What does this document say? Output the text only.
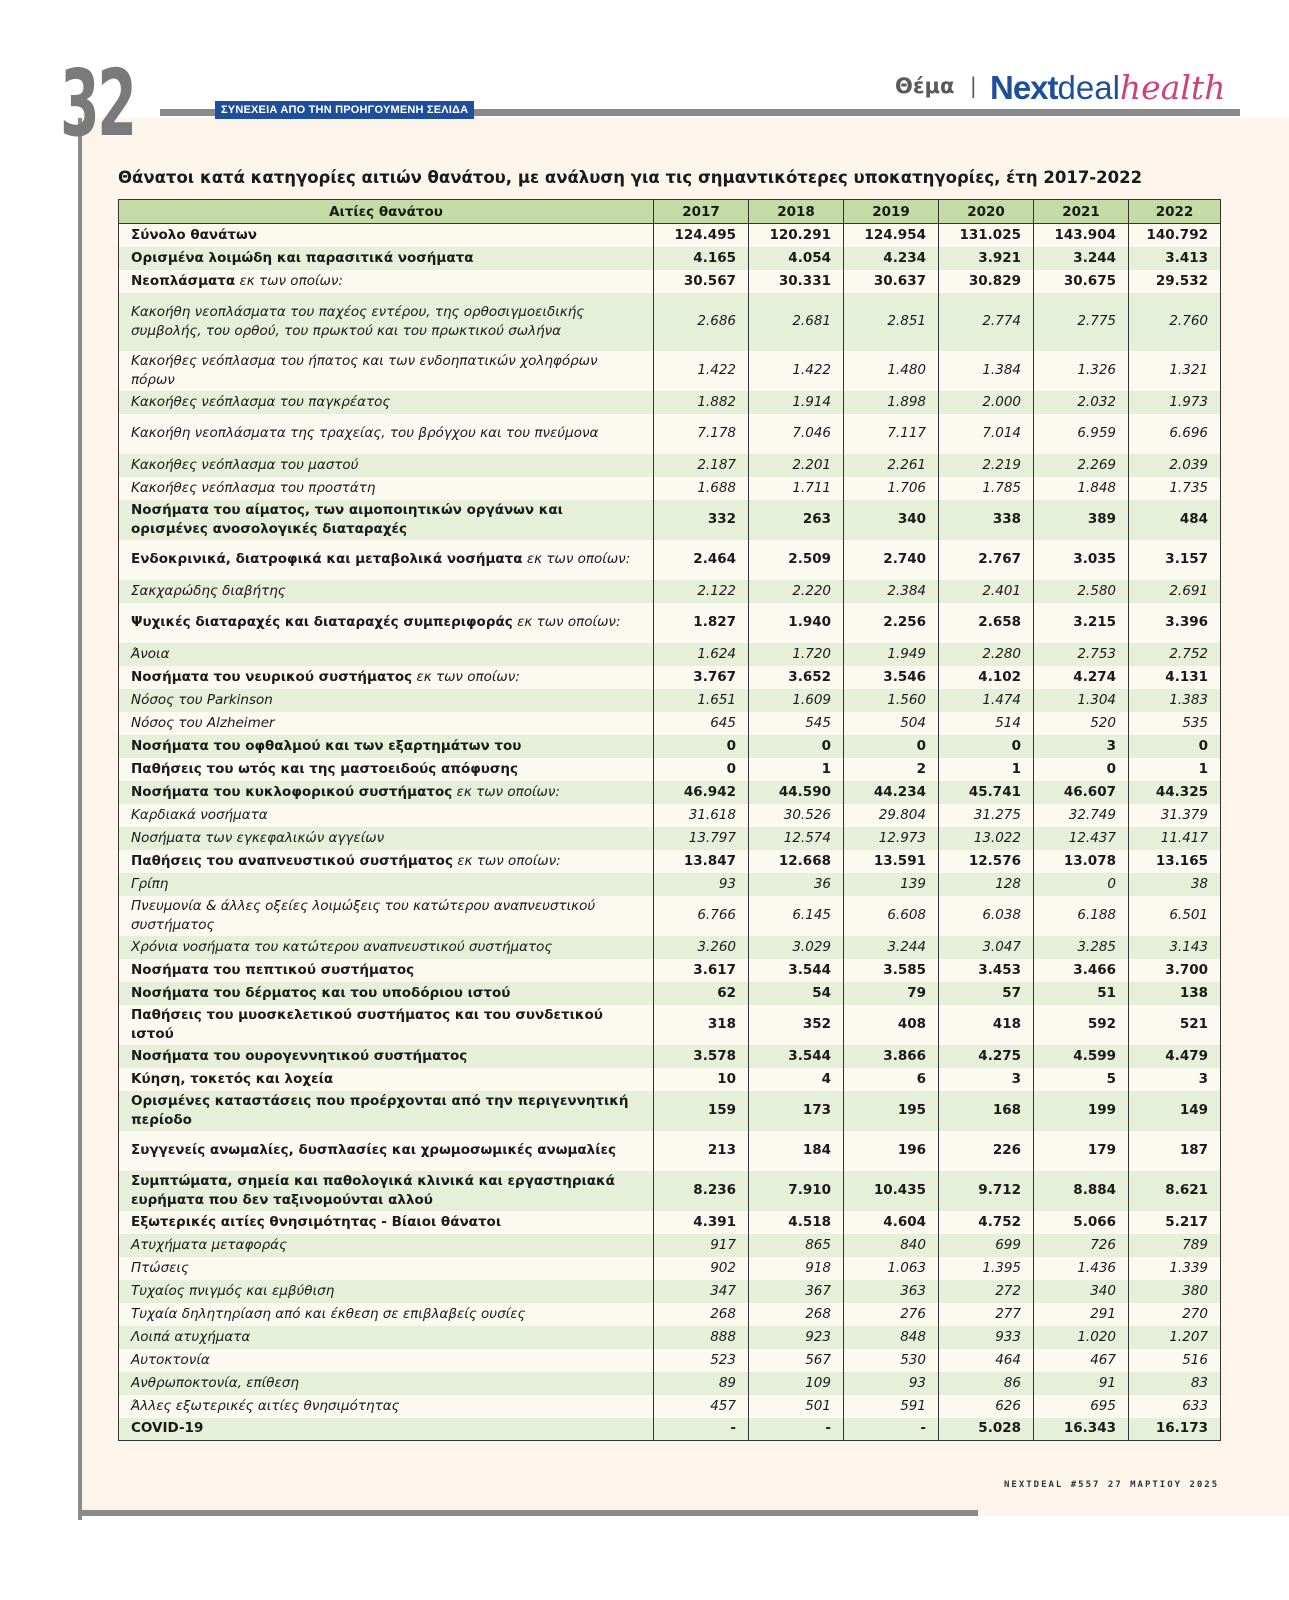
32	ΣΥΝΕΧΕΙΑ ΑΠΟ ΤΗΝ ΠΡΟΗΓΟΥΜΕΝΗ ΣΕΛΙΔΑ
Θέμα | Nextdealhealth
Θάνατοι κατά κατηγορίες αιτιών θανάτου, με ανάλυση για τις σημαντικότερες υποκατηγορίες, έτη 2017-2022
Αιτίες θανάτου	2017	2018	2019	2020	2021	2022
Σύνολο θανάτων	124.495	120.291	124.954	131.025	143.904	140.792
Ορισμένα λοιμώδη και παρασιτικά νοσήματα	4.165	4.054	4.234	3.921	3.244	3.413
Νεοπλάσματα εκ των οποίων:	30.567	30.331	30.637	30.829	30.675	29.532
Κακοήθη νεοπλάσματα του παχέος εντέρου, της ορθοσιγμοειδικής συμβολής, του ορθού, του πρωκτού και του πρωκτικού σωλήνα	2.686	2.681	2.851	2.774	2.775	2.760
Κακοήθες νεόπλασμα του ήπατος και των ενδοηπατικών χοληφόρων πόρων	1.422	1.422	1.480	1.384	1.326	1.321
Κακοήθες νεόπλασμα του παγκρέατος	1.882	1.914	1.898	2.000	2.032	1.973
Κακοήθη νεοπλάσματα της τραχείας, του βρόγχου και του πνεύμονα	7.178	7.046	7.117	7.014	6.959	6.696
Κακοήθες νεόπλασμα του μαστού	2.187	2.201	2.261	2.219	2.269	2.039
Κακοήθες νεόπλασμα του προστάτη	1.688	1.711	1.706	1.785	1.848	1.735
Νοσήματα του αίματος, των αιμοποιητικών οργάνων και ορισμένες ανοσολογικές διαταραχές	332	263	340	338	389	484
Ενδοκρινικά, διατροφικά και μεταβολικά νοσήματα εκ των οποίων:	2.464	2.509	2.740	2.767	3.035	3.157
Σακχαρώδης διαβήτης	2.122	2.220	2.384	2.401	2.580	2.691
Ψυχικές διαταραχές και διαταραχές συμπεριφοράς εκ των οποίων:	1.827	1.940	2.256	2.658	3.215	3.396
Άνοια	1.624	1.720	1.949	2.280	2.753	2.752
Νοσήματα του νευρικού συστήματος εκ των οποίων:	3.767	3.652	3.546	4.102	4.274	4.131
Νόσος του Parkinson	1.651	1.609	1.560	1.474	1.304	1.383
Νόσος του Alzheimer	645	545	504	514	520	535
Νοσήματα του οφθαλμού και των εξαρτημάτων του	0	0	0	0	3	0
Παθήσεις του ωτός και της μαστοειδούς απόφυσης	0	1	2	1	0	1
Νοσήματα του κυκλοφορικού συστήματος εκ των οποίων:	46.942	44.590	44.234	45.741	46.607	44.325
Καρδιακά νοσήματα	31.618	30.526	29.804	31.275	32.749	31.379
Νοσήματα των εγκεφαλικών αγγείων	13.797	12.574	12.973	13.022	12.437	11.417
Παθήσεις του αναπνευστικού συστήματος εκ των οποίων:	13.847	12.668	13.591	12.576	13.078	13.165
Γρίπη	93	36	139	128	0	38
Πνευμονία & άλλες οξείες λοιμώξεις του κατώτερου αναπνευστικού συστήματος	6.766	6.145	6.608	6.038	6.188	6.501
Χρόνια νοσήματα του κατώτερου αναπνευστικού συστήματος	3.260	3.029	3.244	3.047	3.285	3.143
Νοσήματα του πεπτικού συστήματος	3.617	3.544	3.585	3.453	3.466	3.700
Νοσήματα του δέρματος και του υποδόριου ιστού	62	54	79	57	51	138
Παθήσεις του μυοσκελετικού συστήματος και του συνδετικού ιστού	318	352	408	418	592	521
Νοσήματα του ουρογεννητικού συστήματος	3.578	3.544	3.866	4.275	4.599	4.479
Κύηση, τοκετός και λοχεία	10	4	6	3	5	3
Ορισμένες καταστάσεις που προέρχονται από την περιγεννητική περίοδο	159	173	195	168	199	149
Συγγενείς ανωμαλίες, δυσπλασίες και χρωμοσωμικές ανωμαλίες	213	184	196	226	179	187
Συμπτώματα, σημεία και παθολογικά κλινικά και εργαστηριακά ευρήματα που δεν ταξινομούνται αλλού	8.236	7.910	10.435	9.712	8.884	8.621
Εξωτερικές αιτίες θνησιμότητας - Βίαιοι θάνατοι	4.391	4.518	4.604	4.752	5.066	5.217
Ατυχήματα μεταφοράς	917	865	840	699	726	789
Πτώσεις	902	918	1.063	1.395	1.436	1.339
Τυχαίος πνιγμός και εμβύθιση	347	367	363	272	340	380
Τυχαία δηλητηρίαση από και έκθεση σε επιβλαβείς ουσίες	268	268	276	277	291	270
Λοιπά ατυχήματα	888	923	848	933	1.020	1.207
Αυτοκτονία	523	567	530	464	467	516
Ανθρωποκτονία, επίθεση	89	109	93	86	91	83
Άλλες εξωτερικές αιτίες θνησιμότητας	457	501	591	626	695	633
COVID-19	-	-	-	5.028	16.343	16.173
NEXTDEAL #557 27 ΜΑΡΤΙΟΥ 2025
